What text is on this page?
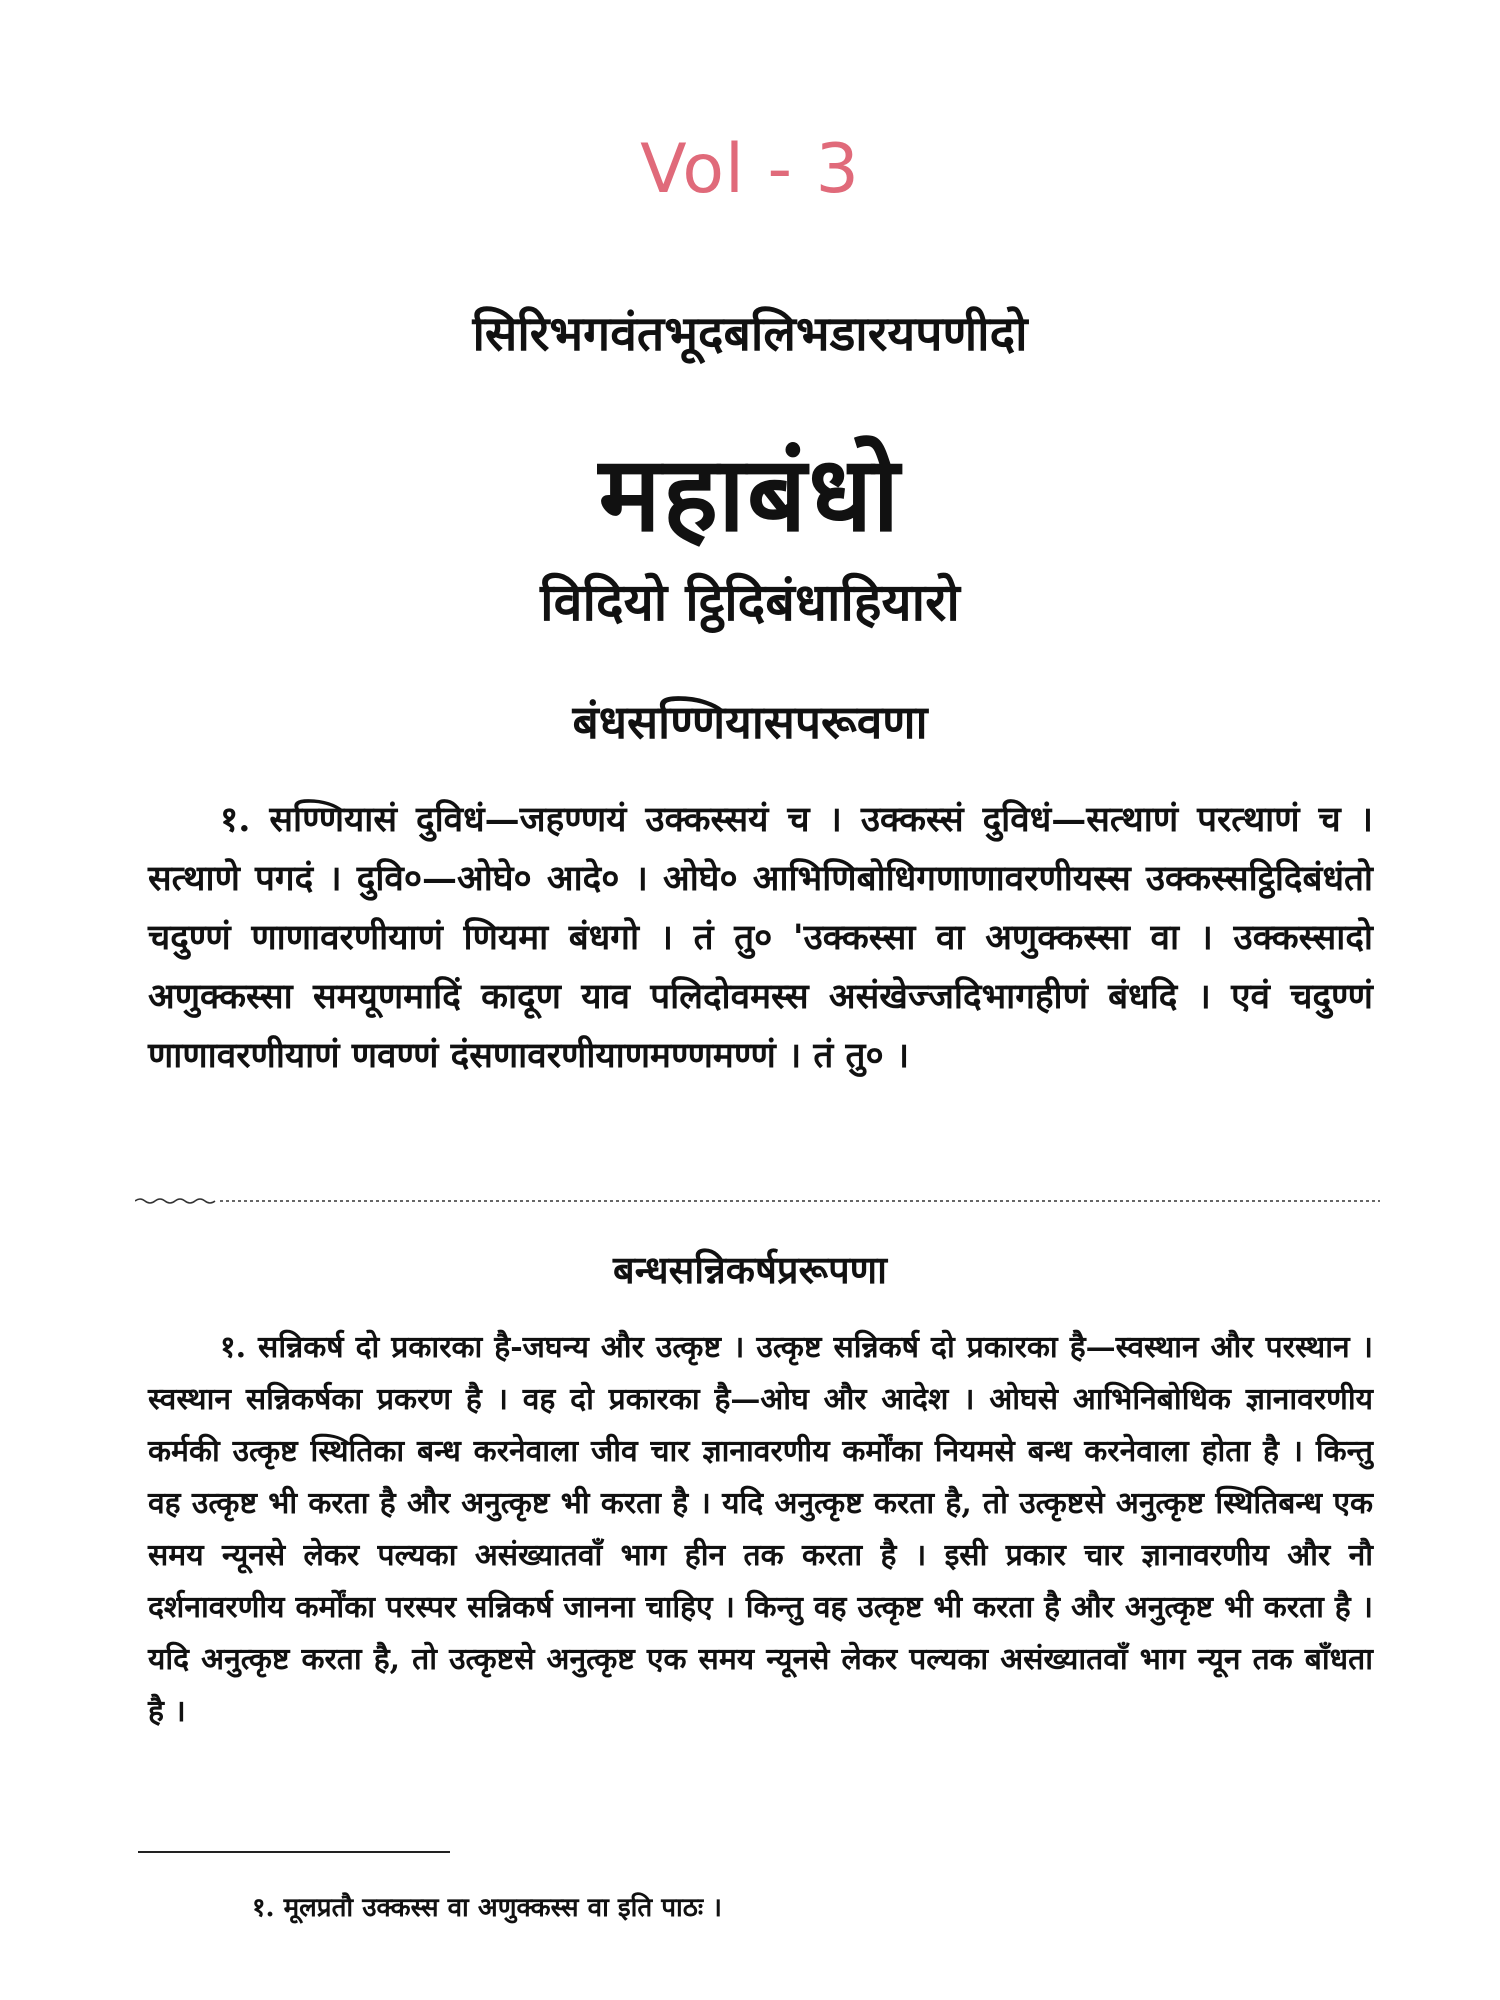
Vol - 3
सिरिभगवंतभूदबलिभडारयपणीदो
महाबंधो
विदियो ट्ठिदिबंधाहियारो
बंधसण्णियासपरूवणा
१. सण्णियासं दुविधं—जहण्णयं उक्कस्सयं च । उक्कस्सं दुविधं—सत्थाणं परत्थाणं च । सत्थाणे पगदं । दुवि०—ओघे० आदे० । ओघे० आभिणिबोधिगणाणावरणीयस्स उक्कस्सट्ठिदिबंधंतो चदुण्णं णाणावरणीयाणं णियमा बंधगो । तं तु० 'उक्कस्सा वा अणुक्कस्सा वा । उक्कस्सादो अणुक्कस्सा समयूणमादिं कादूण याव पलिदोवमस्स असंखेज्जदिभागहीणं बंधदि । एवं चदुण्णं णाणावरणीयाणं णवण्णं दंसणावरणीयाणमण्णमण्णं । तं तु० ।
बन्धसन्निकर्षप्ररूपणा
१. सन्निकर्ष दो प्रकारका है-जघन्य और उत्कृष्ट । उत्कृष्ट सन्निकर्ष दो प्रकारका है—स्वस्थान और परस्थान । स्वस्थान सन्निकर्षका प्रकरण है । वह दो प्रकारका है—ओघ और आदेश । ओघसे आभिनिबोधिक ज्ञानावरणीय कर्मकी उत्कृष्ट स्थितिका बन्ध करनेवाला जीव चार ज्ञानावरणीय कर्मोंका नियमसे बन्ध करनेवाला होता है । किन्तु वह उत्कृष्ट भी करता है और अनुत्कृष्ट भी करता है । यदि अनुत्कृष्ट करता है, तो उत्कृष्टसे अनुत्कृष्ट स्थितिबन्ध एक समय न्यूनसे लेकर पल्यका असंख्यातवाँ भाग हीन तक करता है । इसी प्रकार चार ज्ञानावरणीय और नौ दर्शनावरणीय कर्मोंका परस्पर सन्निकर्ष जानना चाहिए । किन्तु वह उत्कृष्ट भी करता है और अनुत्कृष्ट भी करता है । यदि अनुत्कृष्ट करता है, तो उत्कृष्टसे अनुत्कृष्ट एक समय न्यूनसे लेकर पल्यका असंख्यातवाँ भाग न्यून तक बाँधता है ।
१. मूलप्रतौ उक्कस्स वा अणुक्कस्स वा इति पाठः ।
